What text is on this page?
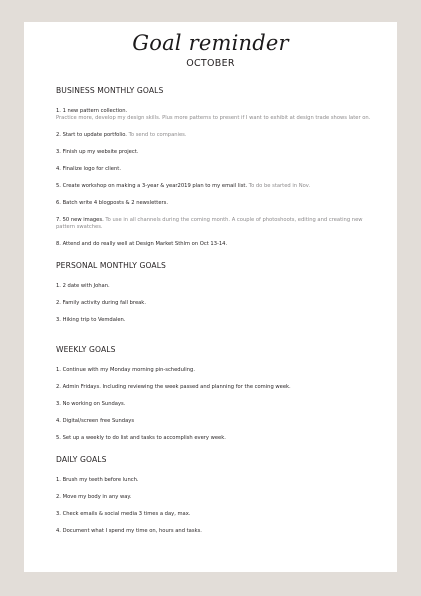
Goal reminder
OCTOBER
BUSINESS MONTHLY GOALS
1. 1 new pattern collection.
Practice more, develop my design skills. Plus more patterns to present if I want to exhibit at design trade shows later on.
2. Start to update portfolio. To send to companies.
3. Finish up my website project.
4. Finalize logo for client.
5. Create workshop on making a 3-year & year2019 plan to my email list. To do be started in Nov.
6. Batch write 4 blogposts & 2 newsletters.
7. 50 new images. To use in all channels during the coming month. A couple of photoshoots, editing and creating new pattern swatches.
8. Attend and do really well at Design Market Sthlm on Oct 13-14.
PERSONAL MONTHLY GOALS
1. 2 date with Johan.
2. Family activity during fall break.
3. Hiking trip to Vemdalen.
WEEKLY GOALS
1. Continue with my Monday morning pin-scheduling.
2. Admin Fridays. Including reviewing the week passed and planning for the coming week.
3. No working on Sundays.
4. Digital/screen free Sundays
5. Set up a weekly to do list and tasks to accomplish every week.
DAILY GOALS
1. Brush my teeth before lunch.
2. Move my body in any way.
3. Check emails & social media 3 times a day, max.
4. Document what I spend my time on, hours and tasks.
